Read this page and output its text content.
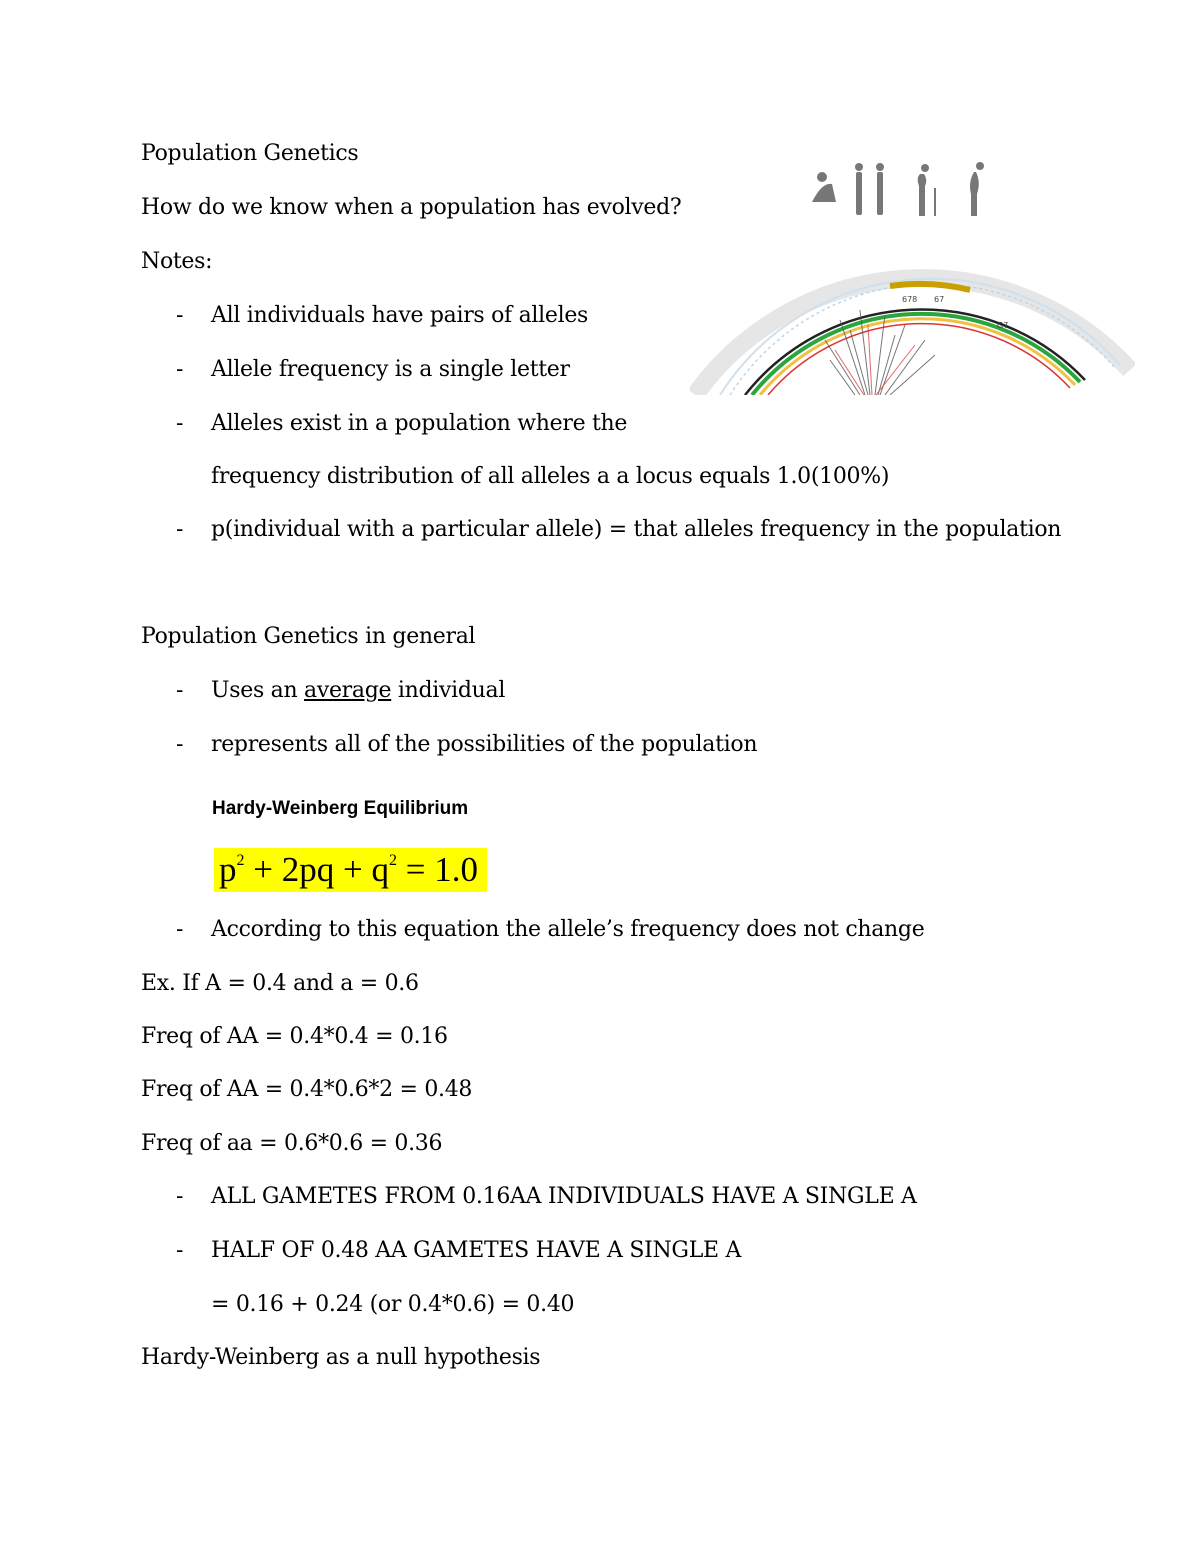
Population Genetics
How do we know when a population has evolved?
Notes:
- All individuals have pairs of alleles
- Allele frequency is a single letter
- Alleles exist in a population where the
frequency distribution of all alleles a a locus equals 1.0(100%)
- p(individual with a particular allele) = that alleles frequency in the population
Population Genetics in general
- Uses an average individual
- represents all of the possibilities of the population
Hardy-Weinberg Equilibrium
$p^2 + 2pq + q^2 = 1.0$
- According to this equation the allele’s frequency does not change
Ex. If A = 0.4 and a = 0.6
Freq of AA = 0.4*0.4 = 0.16
Freq of AA = 0.4*0.6*2 = 0.48
Freq of aa = 0.6*0.6 = 0.36
- ALL GAMETES FROM 0.16AA INDIVIDUALS HAVE A SINGLE A
- HALF OF 0.48 AA GAMETES HAVE A SINGLE A
= 0.16 + 0.24 (or 0.4*0.6) = 0.40
Hardy-Weinberg as a null hypothesis
678 67
G7
